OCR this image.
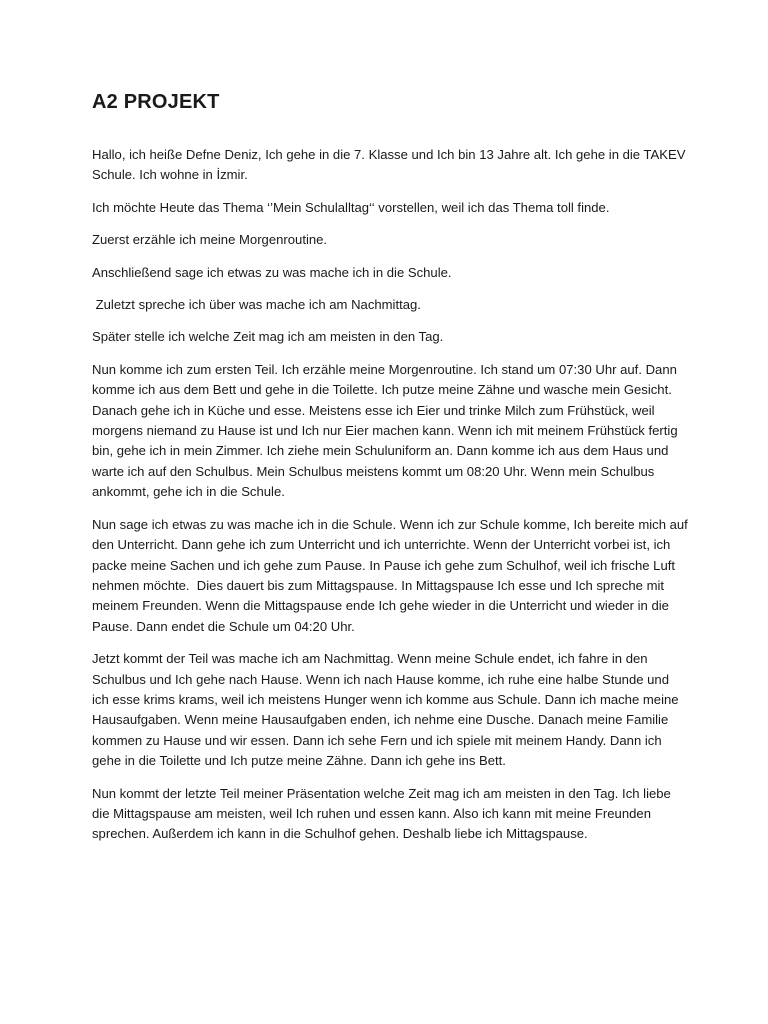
A2 PROJEKT

Hallo, ich heiße Defne Deniz, Ich gehe in die 7. Klasse und Ich bin 13 Jahre alt. Ich gehe in die TAKEV Schule. Ich wohne in İzmir.

Ich möchte Heute das Thema ‘’Mein Schulalltag‘‘ vorstellen, weil ich das Thema toll finde.

Zuerst erzähle ich meine Morgenroutine.

Anschließend sage ich etwas zu was mache ich in die Schule.

Zuletzt spreche ich über was mache ich am Nachmittag.

Später stelle ich welche Zeit mag ich am meisten in den Tag.

Nun komme ich zum ersten Teil. Ich erzähle meine Morgenroutine. Ich stand um 07:30 Uhr auf. Dann komme ich aus dem Bett und gehe in die Toilette. Ich putze meine Zähne und wasche mein Gesicht. Danach gehe ich in Küche und esse. Meistens esse ich Eier und trinke Milch zum Frühstück, weil morgens niemand zu Hause ist und Ich nur Eier machen kann. Wenn ich mit meinem Frühstück fertig bin, gehe ich in mein Zimmer. Ich ziehe mein Schuluniform an. Dann komme ich aus dem Haus und warte ich auf den Schulbus. Mein Schulbus meistens kommt um 08:20 Uhr. Wenn mein Schulbus ankommt, gehe ich in die Schule.

Nun sage ich etwas zu was mache ich in die Schule. Wenn ich zur Schule komme, Ich bereite mich auf den Unterricht. Dann gehe ich zum Unterricht und ich unterrichte. Wenn der Unterricht vorbei ist, ich packe meine Sachen und ich gehe zum Pause. In Pause ich gehe zum Schulhof, weil ich frische Luft nehmen möchte.  Dies dauert bis zum Mittagspause. In Mittagspause Ich esse und Ich spreche mit meinem Freunden. Wenn die Mittagspause ende Ich gehe wieder in die Unterricht und wieder in die Pause. Dann endet die Schule um 04:20 Uhr.

Jetzt kommt der Teil was mache ich am Nachmittag. Wenn meine Schule endet, ich fahre in den Schulbus und Ich gehe nach Hause. Wenn ich nach Hause komme, ich ruhe eine halbe Stunde und ich esse krims krams, weil ich meistens Hunger wenn ich komme aus Schule. Dann ich mache meine Hausaufgaben. Wenn meine Hausaufgaben enden, ich nehme eine Dusche. Danach meine Familie kommen zu Hause und wir essen. Dann ich sehe Fern und ich spiele mit meinem Handy. Dann ich gehe in die Toilette und Ich putze meine Zähne. Dann ich gehe ins Bett.

Nun kommt der letzte Teil meiner Präsentation welche Zeit mag ich am meisten in den Tag. Ich liebe die Mittagspause am meisten, weil Ich ruhen und essen kann. Also ich kann mit meine Freunden sprechen. Außerdem ich kann in die Schulhof gehen. Deshalb liebe ich Mittagspause.
